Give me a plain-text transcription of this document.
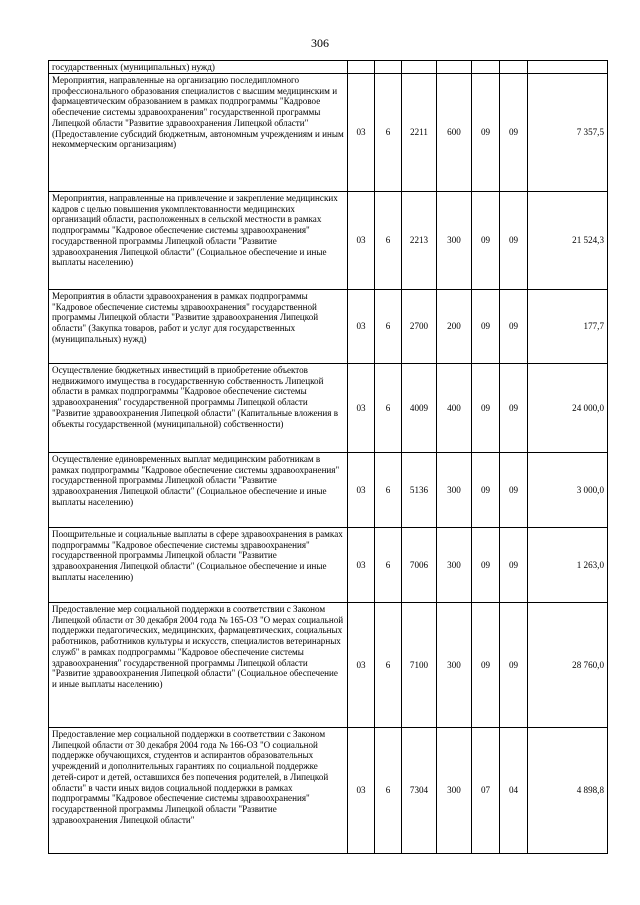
306
государственных (муниципальных) нужд)							
Мероприятия, направленные на организацию последипломного профессионального образования специалистов с высшим медицинским и фармацевтическим образованием в рамках подпрограммы "Кадровое обеспечение системы здравоохранения" государственной программы Липецкой области "Развитие здравоохранения Липецкой области" (Предоставление субсидий бюджетным, автономным учреждениям и иным некоммерческим организациям)	03	6	2211	600	09	09	7 357,5
Мероприятия, направленные на привлечение и закрепление медицинских кадров с целью повышения укомплектованности медицинских организаций области, расположенных в сельской местности в рамках подпрограммы "Кадровое обеспечение системы здравоохранения" государственной программы Липецкой области "Развитие здравоохранения Липецкой области" (Социальное обеспечение и иные выплаты населению)	03	6	2213	300	09	09	21 524,3
Мероприятия в области здравоохранения в рамках подпрограммы "Кадровое обеспечение системы здравоохранения" государственной программы Липецкой области "Развитие здравоохранения Липецкой области" (Закупка товаров, работ и услуг для государственных (муниципальных) нужд)	03	6	2700	200	09	09	177,7
Осуществление бюджетных инвестиций в приобретение объектов недвижимого имущества в государственную собственность Липецкой области в рамках подпрограммы "Кадровое обеспечение системы здравоохранения" государственной программы Липецкой области "Развитие здравоохранения Липецкой области" (Капитальные вложения в объекты государственной (муниципальной) собственности)	03	6	4009	400	09	09	24 000,0
Осуществление единовременных выплат медицинским работникам в рамках подпрограммы "Кадровое обеспечение системы здравоохранения" государственной программы Липецкой области "Развитие здравоохранения Липецкой области" (Социальное обеспечение и иные выплаты населению)	03	6	5136	300	09	09	3 000,0
Поощрительные и социальные выплаты в сфере здравоохранения в рамках подпрограммы "Кадровое обеспечение системы здравоохранения" государственной программы Липецкой области "Развитие здравоохранения Липецкой области" (Социальное обеспечение и иные выплаты населению)	03	6	7006	300	09	09	1 263,0
Предоставление мер социальной поддержки в соответствии с Законом Липецкой области от 30 декабря 2004 года № 165-ОЗ "О мерах социальной поддержки педагогических, медицинских, фармацевтических, социальных работников, работников культуры и искусств, специалистов ветеринарных служб" в рамках подпрограммы "Кадровое обеспечение системы здравоохранения" государственной программы Липецкой области "Развитие здравоохранения Липецкой области" (Социальное обеспечение и иные выплаты населению)	03	6	7100	300	09	09	28 760,0
Предоставление мер социальной поддержки в соответствии с Законом Липецкой области от 30 декабря 2004 года № 166-ОЗ "О социальной поддержке обучающихся, студентов и аспирантов образовательных учреждений и дополнительных гарантиях по социальной поддержке детей-сирот и детей, оставшихся без попечения родителей, в Липецкой области" в части иных видов социальной поддержки в рамках подпрограммы "Кадровое обеспечение системы здравоохранения" государственной программы Липецкой области "Развитие здравоохранения Липецкой области"	03	6	7304	300	07	04	4 898,8
